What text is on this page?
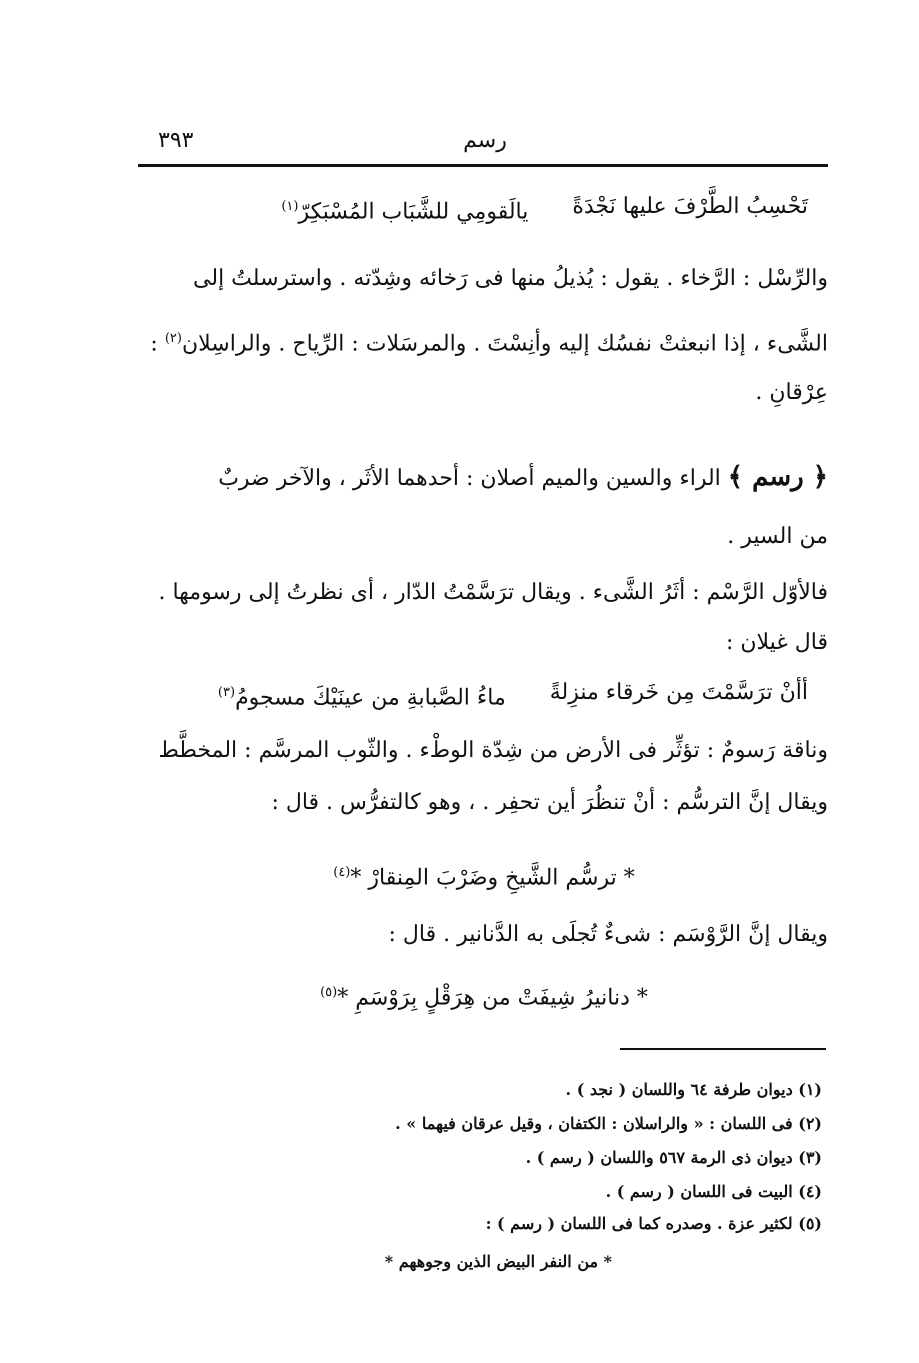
٣٩٣	رسم
تَحْسِبُ الطَّرْفَ عليها نَجْدَةً
يالَقومِي للشَّبَاب المُسْبَكِرّ$^{(١)}$
والرِّسْل : الرَّخاء . يقول : يُذيلُ منها فى رَخائه وشِدّته . واسترسلتُ إلى
الشَّىء ، إذا انبعثتْ نفسُك إليه وأنِسْتَ . والمرسَلات : الرِّياح . والراسِلان$^{(٢)}$ :
عِرْقانِ .
﴿ رسم ﴾ الراء والسين والميم أصلان : أحدهما الأثَر ، والآخر ضربٌ
من السير .
فالأوّل الرَّسْم : أثَرُ الشَّىء . ويقال ترَسَّمْتُ الدّار ، أى نظرتُ إلى رسومها .
قال غيلان :
أأنْ ترَسَّمْتَ مِن خَرقاء منزِلةً
ماءُ الصَّبابةِ من عينَيْكَ مسجومُ$^{(٣)}$
وناقة رَسومٌ : تؤثِّر فى الأرض من شِدّة الوطْء . والثّوب المرسَّم : المخطَّط
ويقال إنَّ الترسُّم : أنْ تنظُرَ أين تحفِر . ، وهو كالتفرُّس . قال :
* ترسُّم الشَّيخِ وضَرْبَ المِنقارْ *$^{(٤)}$
ويقال إنَّ الرَّوْسَم : شىءٌ تُجلَى به الدَّنانير . قال :
* دنانيرُ شِيفَتْ من هِرَقْلٍ بِرَوْسَمِ *$^{(٥)}$
(١) ديوان طرفة ٦٤ واللسان ( نجد ) .
(٢) فى اللسان : « والراسلان : الكتفان ، وقيل عرقان فيهما » .
(٣) ديوان ذى الرمة ٥٦٧ واللسان ( رسم ) .
(٤) البيت فى اللسان ( رسم ) .
(٥) لكثير عزة . وصدره كما فى اللسان ( رسم ) :
* من النفر البيض الذين وجوههم *
